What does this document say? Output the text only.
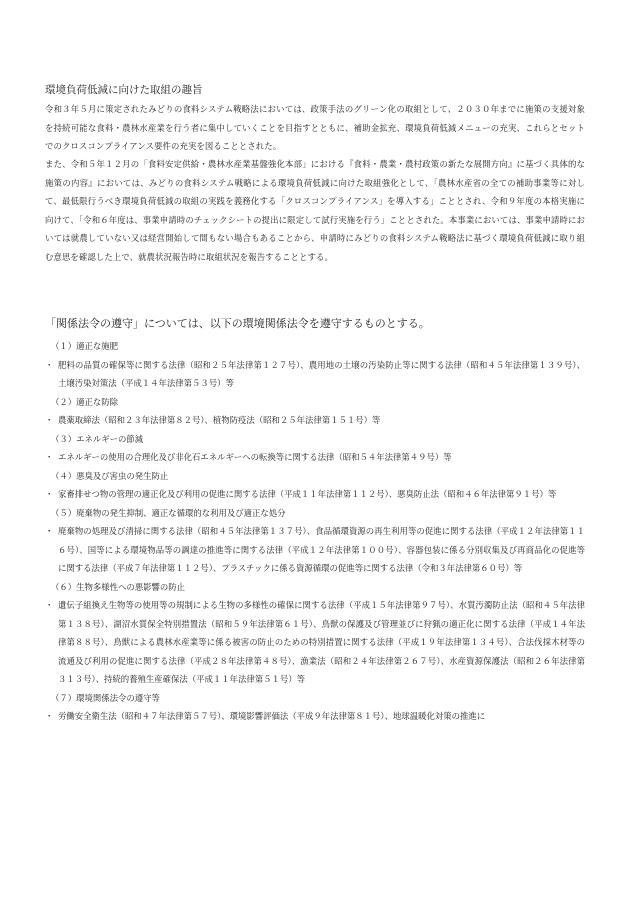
環境負荷低減に向けた取組の趣旨
令和３年５月に策定されたみどりの食料システム戦略法においては、政策手法のグリーン化の取組として、２０３０年までに施策の支援対象を持続可能な食料・農林水産業を行う者に集中していくことを目指すとともに、補助金拡充、環境負荷低減メニューの充実、これらとセットでのクロスコンプライアンス要件の充実を図ることとされた。
また、令和５年１２月の「食料安定供給・農林水産業基盤強化本部」における『食料・農業・農村政策の新たな展開方向』に基づく具体的な施策の内容』においては、みどりの食料システム戦略による環境負荷低減に向けた取組強化として、「農林水産省の全ての補助事業等に対して、最低限行うべき環境負荷低減の取組の実践を義務化する「クロスコンプライアンス」を導入する」こととされ、令和９年度の本格実施に向けて、「令和６年度は、事業申請時のチェックシートの提出に限定して試行実施を行う」こととされた。本事業においては、事業申請時においては就農していない又は経営開始して間もない場合もあることから、申請時にみどりの食料システム戦略法に基づく環境負荷低減に取り組む意思を確認した上で、就農状況報告時に取組状況を報告することとする。
「関係法令の遵守」については、以下の環境関係法令を遵守するものとする。
（１）適正な施肥
・ 肥料の品質の確保等に関する法律（昭和２５年法律第１２７号）、農用地の土壌の汚染防止等に関する法律（昭和４５年法律第１３９号）、土壌汚染対策法（平成１４年法律第５３号）等
（２）適正な防除
・ 農薬取締法（昭和２３年法律第８２号）、植物防疫法（昭和２５年法律第１５１号）等
（３）エネルギーの節減
・ エネルギーの使用の合理化及び非化石エネルギーへの転換等に関する法律（昭和５４年法律第４９号）等
（４）悪臭及び害虫の発生防止
・ 家畜排せつ物の管理の適正化及び利用の促進に関する法律（平成１１年法律第１１２号）、悪臭防止法（昭和４６年法律第９１号）等
（５）廃棄物の発生抑制、適正な循環的な利用及び適正な処分
・ 廃棄物の処理及び清掃に関する法律（昭和４５年法律第１３７号）、食品循環資源の再生利用等の促進に関する法律（平成１２年法律第１１６号）、国等による環境物品等の調達の推進等に関する法律（平成１２年法律第１００号）、容器包装に係る分別収集及び再商品化の促進等に関する法律（平成７年法律第１１２号）、プラスチックに係る資源循環の促進等に関する法律（令和３年法律第６０号）等
（６）生物多様性への悪影響の防止
・ 遺伝子組換え生物等の使用等の規制による生物の多様性の確保に関する法律（平成１５年法律第９７号）、水質汚濁防止法（昭和４５年法律第１３８号）、湖沼水質保全特別措置法（昭和５９年法律第６１号）、鳥獣の保護及び管理並びに狩猟の適正化に関する法律（平成１４年法律第８８号）、鳥獣による農林水産業等に係る被害の防止のための特別措置に関する法律（平成１９年法律第１３４号）、合法伐採木材等の流通及び利用の促進に関する法律（平成２８年法律第４８号）、漁業法（昭和２４年法律第２６７号）、水産資源保護法（昭和２６年法律第３１３号）、持続的養殖生産確保法（平成１１年法律第５１号）等
（７）環境関係法令の遵守等
・ 労働安全衛生法（昭和４７年法律第５７号）、環境影響評価法（平成９年法律第８１号）、地球温暖化対策の推進に
